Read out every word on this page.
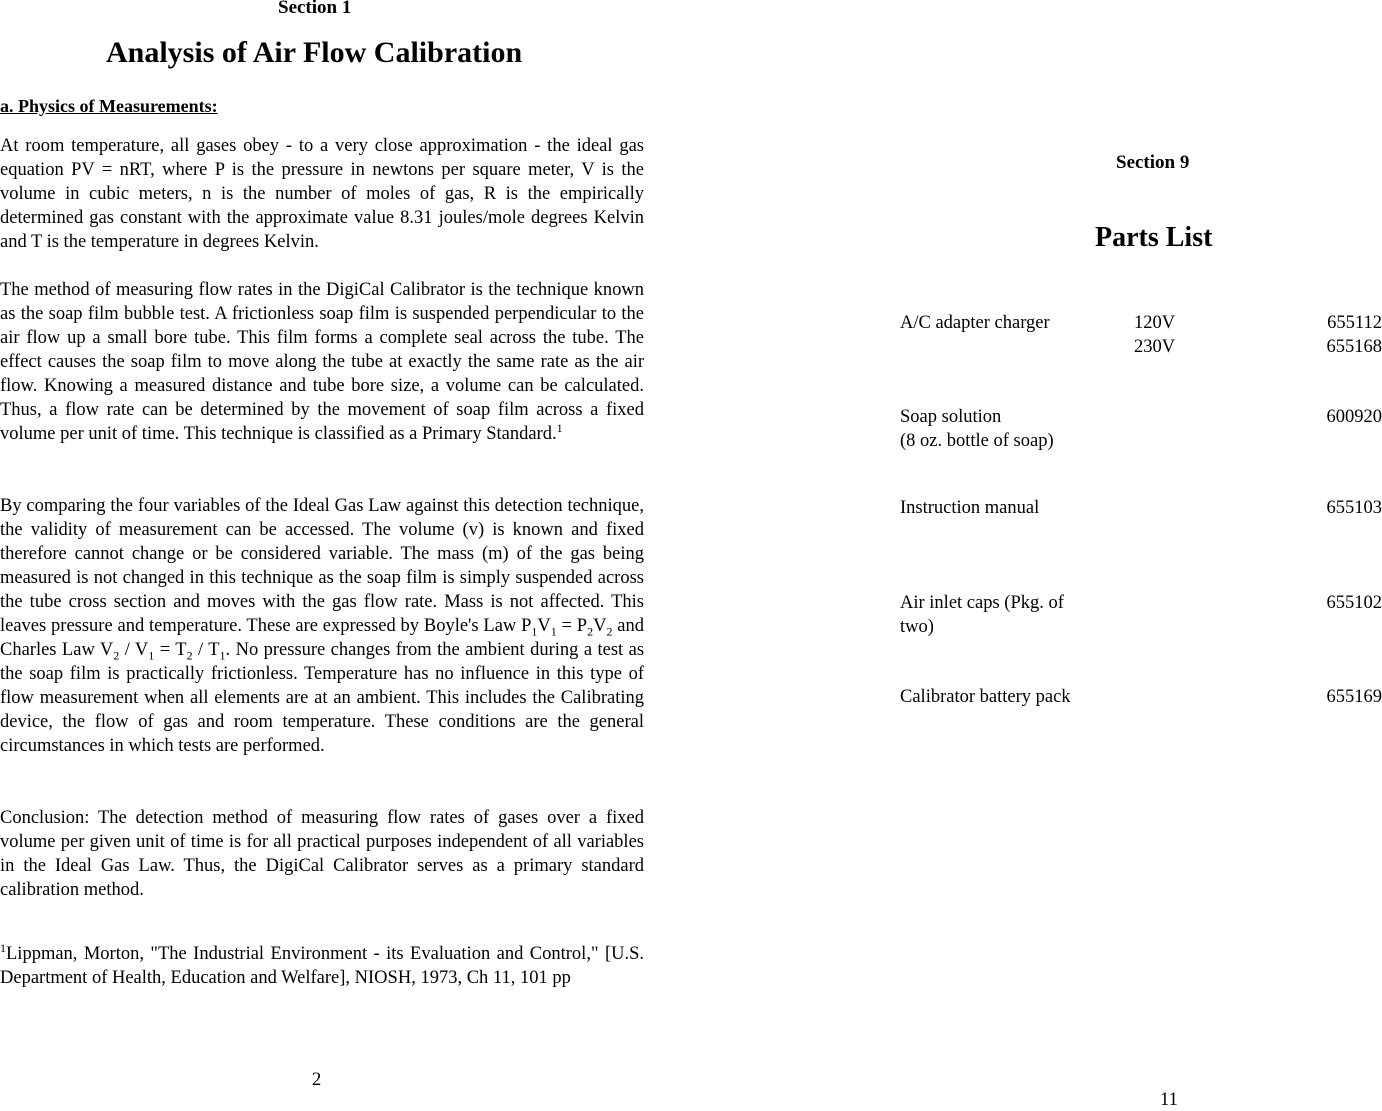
Section 1
Analysis of Air Flow Calibration
a. Physics of Measurements:

At room temperature, all gases obey - to a very close approximation - the ideal gas equation PV = nRT, where P is the pressure in newtons per square meter, V is the volume in cubic meters, n is the number of moles of gas, R is the empirically determined gas constant with the approximate value 8.31 joules/mole degrees Kelvin and T is the temperature in degrees Kelvin.

The method of measuring flow rates in the DigiCal Calibrator is the technique known as the soap film bubble test. A frictionless soap film is suspended perpendicular to the air flow up a small bore tube. This film forms a complete seal across the tube. The effect causes the soap film to move along the tube at exactly the same rate as the air flow. Knowing a measured distance and tube bore size, a volume can be calculated. Thus, a flow rate can be determined by the movement of soap film across a fixed volume per unit of time. This technique is classified as a Primary Standard.$^1$

By comparing the four variables of the Ideal Gas Law against this detection technique, the validity of measurement can be accessed. The volume (v) is known and fixed therefore cannot change or be considered variable. The mass (m) of the gas being measured is not changed in this technique as the soap film is simply suspended across the tube cross section and moves with the gas flow rate. Mass is not affected. This leaves pressure and temperature. These are expressed by Boyle's Law $P_1V_1 = P_2V_2$ and Charles Law $V_2 / V_1 = T_2 / T_1$. No pressure changes from the ambient during a test as the soap film is practically frictionless. Temperature has no influence in this type of flow measurement when all elements are at an ambient. This includes the Calibrating device, the flow of gas and room temperature. These conditions are the general circumstances in which tests are performed.

Conclusion: The detection method of measuring flow rates of gases over a fixed volume per given unit of time is for all practical purposes independent of all variables in the Ideal Gas Law. Thus, the DigiCal Calibrator serves as a primary standard calibration method.

$^1$Lippman, Morton, "The Industrial Environment - its Evaluation and Control," [U.S. Department of Health, Education and Welfare], NIOSH, 1973, Ch 11, 101 pp

2
Section 9
Parts List
A/C adapter charger	120V	655112
230V	655168
Soap solution	600920
(8 oz. bottle of soap)
Instruction manual	655103
Air inlet caps (Pkg. of	655102
two)
Calibrator battery pack	655169
11
